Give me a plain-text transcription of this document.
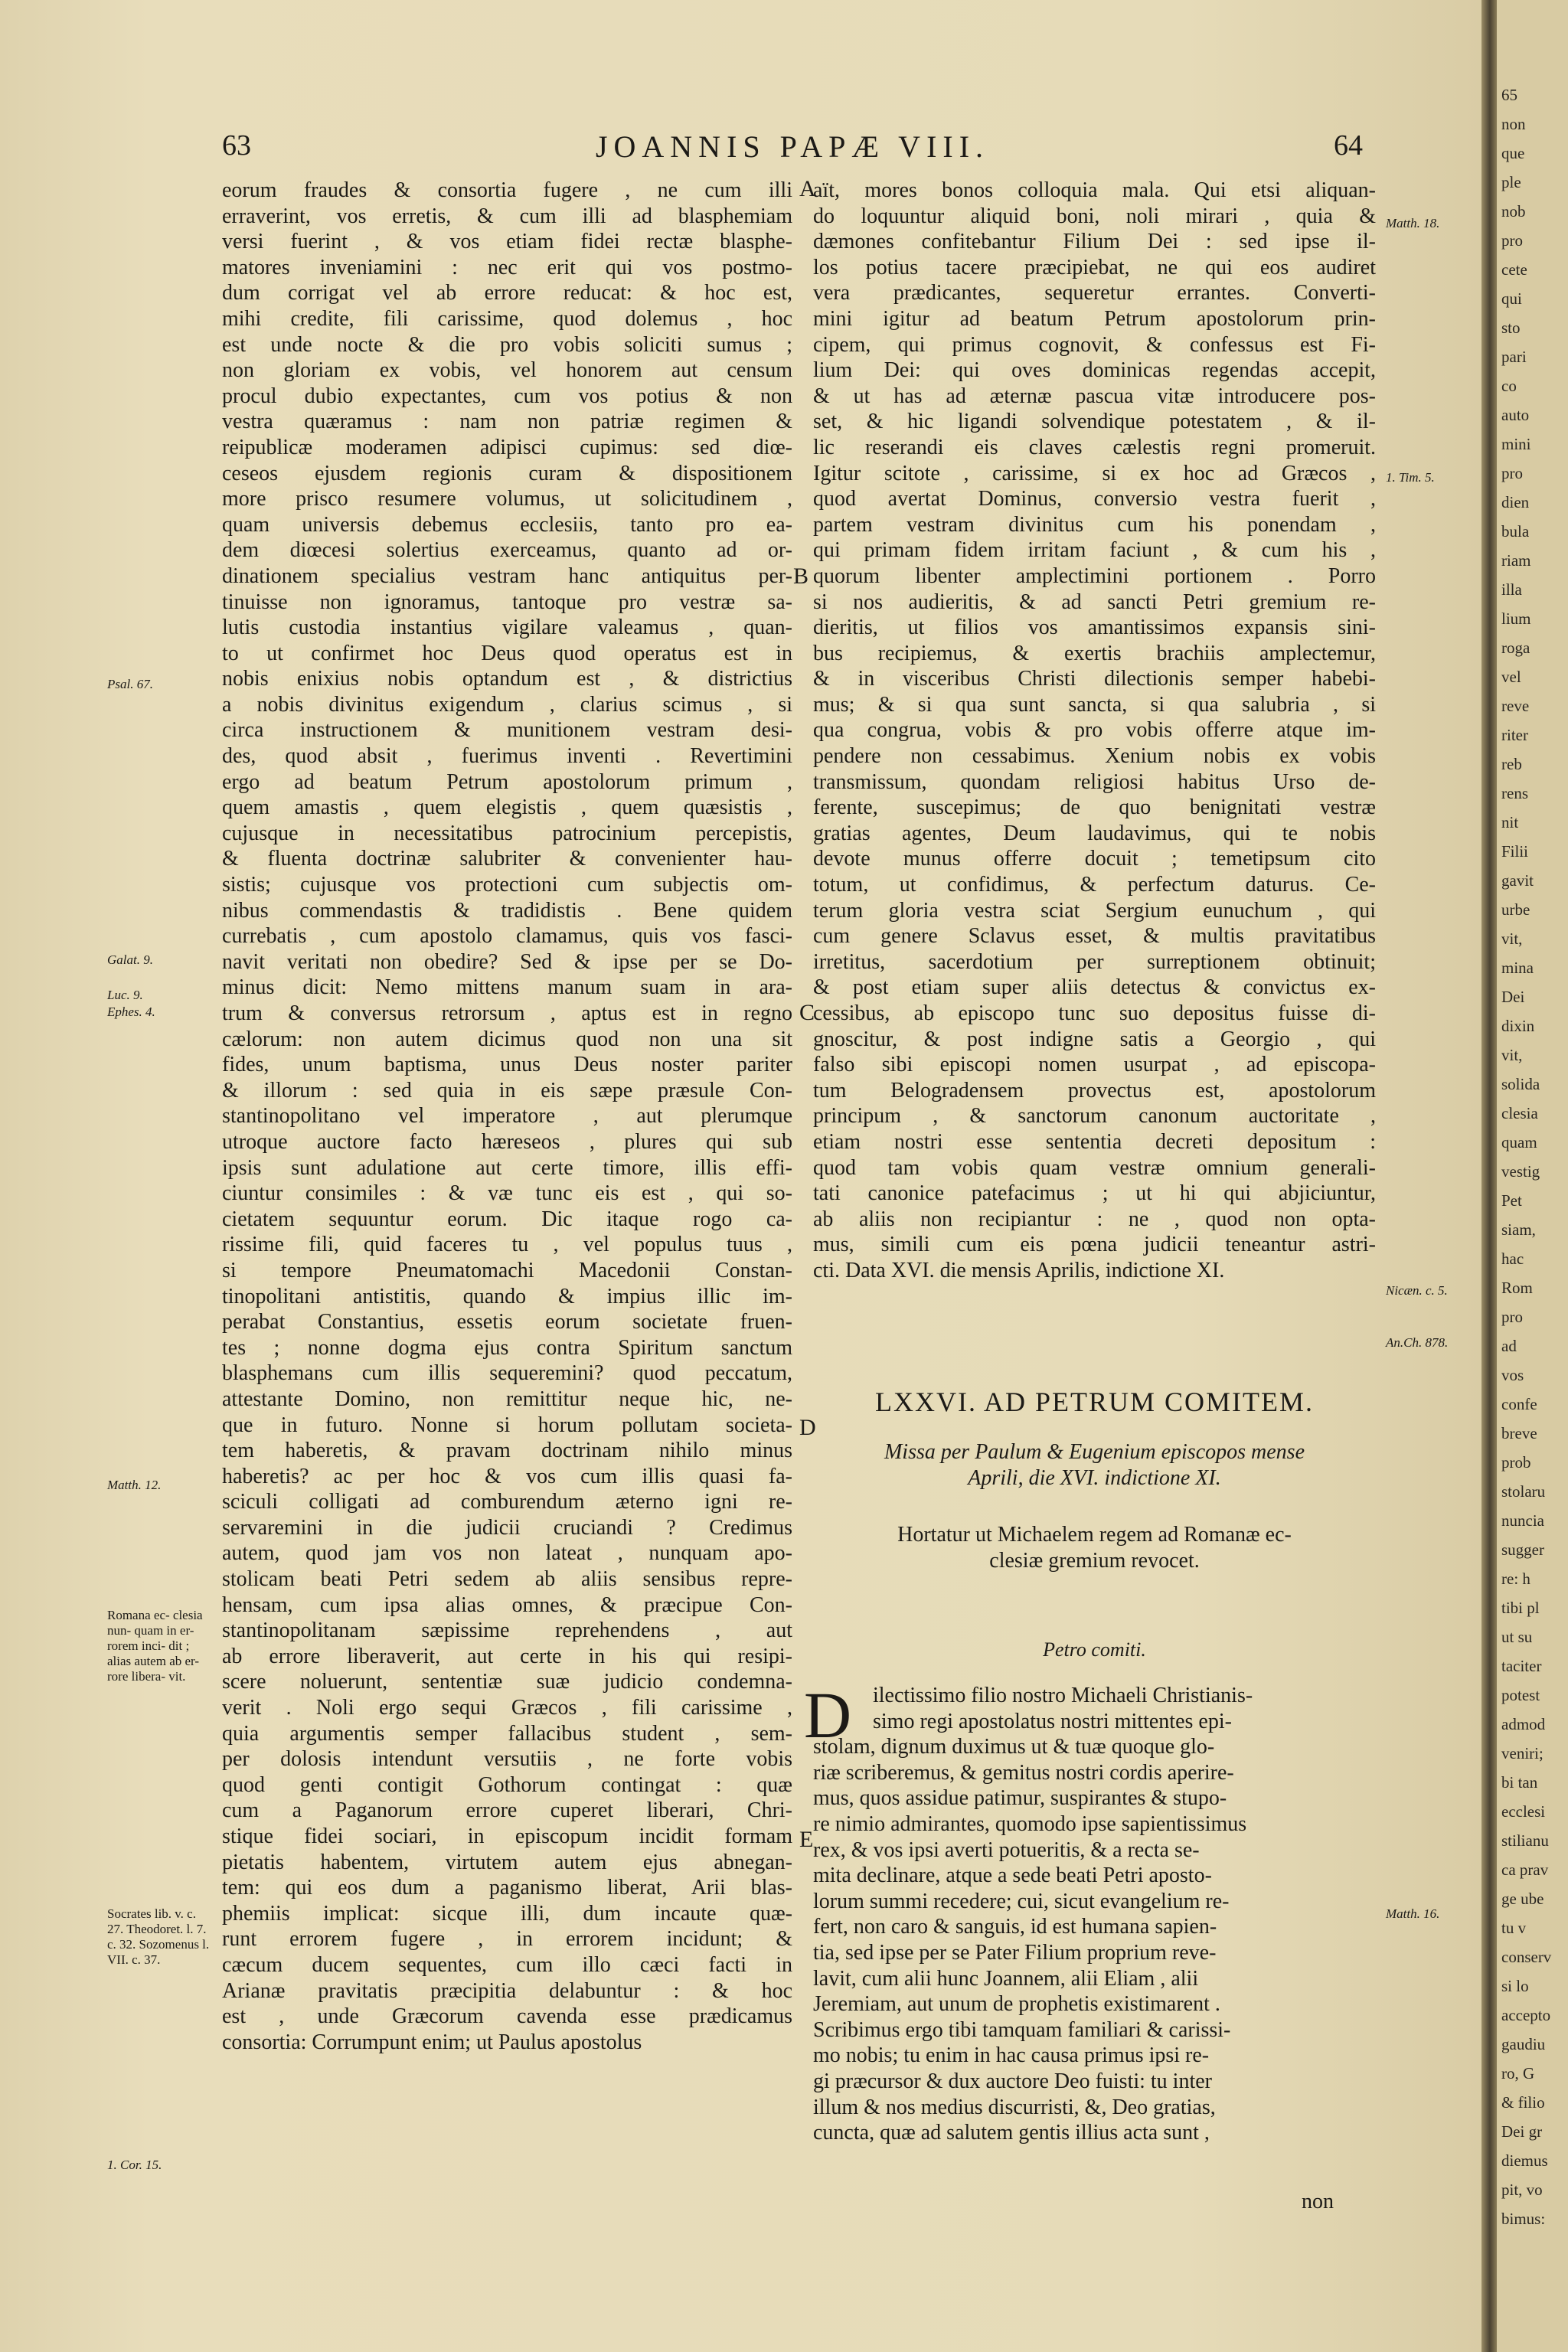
63	JOANNIS PAPÆ VIII.	64
eorum fraudes & consortia fugere , ne cum illi
erraverint, vos erretis, & cum illi ad blasphemiam
versi fuerint , & vos etiam fidei rectæ blasphe-
matores inveniamini : nec erit qui vos postmo-
dum corrigat vel ab errore reducat: & hoc est,
mihi credite, fili carissime, quod dolemus , hoc
est unde nocte & die pro vobis soliciti sumus ;
non gloriam ex vobis, vel honorem aut censum
procul dubio expectantes, cum vos potius & non
vestra quæramus : nam non patriæ regimen &
reipublicæ moderamen adipisci cupimus: sed diœ-
ceseos ejusdem regionis curam & dispositionem
more prisco resumere volumus, ut solicitudinem ,
quam universis debemus ecclesiis, tanto pro ea-
dem diœcesi solertius exerceamus, quanto ad or-
dinationem specialius vestram hanc antiquitus per-
tinuisse non ignoramus, tantoque pro vestræ sa-
lutis custodia instantius vigilare valeamus , quan-
to ut confirmet hoc Deus quod operatus est in
nobis enixius nobis optandum est , & districtius
a nobis divinitus exigendum , clarius scimus , si
circa instructionem & munitionem vestram desi-
des, quod absit , fuerimus inventi . Revertimini
ergo ad beatum Petrum apostolorum primum ,
quem amastis , quem elegistis , quem quæsistis ,
cujusque in necessitatibus patrocinium percepistis,
& fluenta doctrinæ salubriter & convenienter hau-
sistis; cujusque vos protectioni cum subjectis om-
nibus commendastis & tradidistis . Bene quidem
currebatis , cum apostolo clamamus, quis vos fasci-
navit veritati non obedire? Sed & ipse per se Do-
minus dicit: Nemo mittens manum suam in ara-
trum & conversus retrorsum , aptus est in regno
cælorum: non autem dicimus quod non una sit
fides, unum baptisma, unus Deus noster pariter
& illorum : sed quia in eis sæpe præsule Con-
stantinopolitano vel imperatore , aut plerumque
utroque auctore facto hæreseos , plures qui sub
ipsis sunt adulatione aut certe timore, illis effi-
ciuntur consimiles : & væ tunc eis est , qui so-
cietatem sequuntur eorum. Dic itaque rogo ca-
rissime fili, quid faceres tu , vel populus tuus ,
si tempore Pneumatomachi Macedonii Constan-
tinopolitani antistitis, quando & impius illic im-
perabat Constantius, essetis eorum societate fruen-
tes ; nonne dogma ejus contra Spiritum sanctum
blasphemans cum illis sequeremini? quod peccatum,
attestante Domino, non remittitur neque hic, ne-
que in futuro. Nonne si horum pollutam societa-
tem haberetis, & pravam doctrinam nihilo minus
haberetis? ac per hoc & vos cum illis quasi fa-
sciculi colligati ad comburendum æterno igni re-
servaremini in die judicii cruciandi ? Credimus
autem, quod jam vos non lateat , nunquam apo-
stolicam beati Petri sedem ab aliis sensibus repre-
hensam, cum ipsa alias omnes, & præcipue Con-
stantinopolitanam sæpissime reprehendens , aut
ab errore liberaverit, aut certe in his qui resipi-
scere noluerunt, sententiæ suæ judicio condemna-
verit . Noli ergo sequi Græcos , fili carissime ,
quia argumentis semper fallacibus student , sem-
per dolosis intendunt versutiis , ne forte vobis
quod genti contigit Gothorum contingat : quæ
cum a Paganorum errore cuperet liberari, Chri-
stique fidei sociari, in episcopum incidit formam
pietatis habentem, virtutem autem ejus abnegan-
tem: qui eos dum a paganismo liberat, Arii blas-
phemiis implicat: sicque illi, dum incaute quæ-
runt errorem fugere , in errorem incidunt; &
cæcum ducem sequentes, cum illo cæci facti in
Arianæ pravitatis præcipitia delabuntur : & hoc
est , unde Græcorum cavenda esse prædicamus
consortia: Corrumpunt enim; ut Paulus apostolus
aït, mores bonos colloquia mala. Qui etsi aliquan-
do loquuntur aliquid boni, noli mirari , quia &
dæmones confitebantur Filium Dei : sed ipse il-
los potius tacere præcipiebat, ne qui eos audiret
vera prædicantes, sequeretur errantes. Converti-
mini igitur ad beatum Petrum apostolorum prin-
cipem, qui primus cognovit, & confessus est Fi-
lium Dei: qui oves dominicas regendas accepit,
& ut has ad æternæ pascua vitæ introducere pos-
set, & hic ligandi solvendique potestatem , & il-
lic reserandi eis claves cælestis regni promeruit.
Igitur scitote , carissime, si ex hoc ad Græcos ,
quod avertat Dominus, conversio vestra fuerit ,
partem vestram divinitus cum his ponendam ,
qui primam fidem irritam faciunt , & cum his ,
quorum libenter amplectimini portionem . Porro
si nos audieritis, & ad sancti Petri gremium re-
dieritis, ut filios vos amantissimos expansis sini-
bus recipiemus, & exertis brachiis amplectemur,
& in visceribus Christi dilectionis semper habebi-
mus; & si qua sunt sancta, si qua salubria , si
qua congrua, vobis & pro vobis offerre atque im-
pendere non cessabimus. Xenium nobis ex vobis
transmissum, quondam religiosi habitus Urso de-
ferente, suscepimus; de quo benignitati vestræ
gratias agentes, Deum laudavimus, qui te nobis
devote munus offerre docuit ; temetipsum cito
totum, ut confidimus, & perfectum daturus. Ce-
terum gloria vestra sciat Sergium eunuchum , qui
cum genere Sclavus esset, & multis pravitatibus
irretitus, sacerdotium per surreptionem obtinuit;
& post etiam super aliis detectus & convictus ex-
cessibus, ab episcopo tunc suo depositus fuisse di-
gnoscitur, & post indigne satis a Georgio , qui
falso sibi episcopi nomen usurpat , ad episcopa-
tum Belogradensem provectus est, apostolorum
principum , & sanctorum canonum auctoritate ,
etiam nostri esse sententia decreti depositum :
quod tam vobis quam vestræ omnium generali-
tati canonice patefacimus ; ut hi qui abjiciuntur,
ab aliis non recipiantur : ne , quod non opta-
mus, simili cum eis pœna judicii teneantur astri-
cti. Data XVI. die mensis Aprilis, indictione XI.
A
B
C
D
E
LXXVI. AD PETRUM COMITEM.
Missa per Paulum & Eugenium episcopos mense
Aprili, die XVI. indictione XI.
Hortatur ut Michaelem regem ad Romanæ ec-
clesiæ gremium revocet.
Petro comiti.
D ilectissimo filio nostro Michaeli Christianis-
simo regi apostolatus nostri mittentes epi-
stolam, dignum duximus ut & tuæ quoque glo-
riæ scriberemus, & gemitus nostri cordis aperire-
mus, quos assidue patimur, suspirantes & stupo-
re nimio admirantes, quomodo ipse sapientissimus
rex, & vos ipsi averti potueritis, & a recta se-
mita declinare, atque a sede beati Petri aposto-
lorum summi recedere; cui, sicut evangelium re-
fert, non caro & sanguis, id est humana sapien-
tia, sed ipse per se Pater Filium proprium reve-
lavit, cum alii hunc Joannem, alii Eliam , alii
Jeremiam, aut unum de prophetis existimarent .
Scribimus ergo tibi tamquam familiari & carissi-
mo nobis; tu enim in hac causa primus ipsi re-
gi præcursor & dux auctore Deo fuisti: tu inter
illum & nos medius discurristi, &, Deo gratias,
cuncta, quæ ad salutem gentis illius acta sunt ,
non
Psal. 67.
Galat. 9.
Luc. 9.
Ephes. 4.
Matth. 12.
Romana ec- clesia nun- quam in er- rorem inci- dit ; alias autem ab er- rore libera- vit.
Socrates lib. v. c. 27. Theodoret. l. 7. c. 32. Sozomenus l. VII. c. 37.
1. Cor. 15.
Matth. 18.
1. Tim. 5.
Nicæn. c. 5.
An.Ch. 878.
Matth. 16.
65
non
que
ple
nob
pro
cete
qui
sto
pari
co
auto
mini
pro
dien
bula
riam
illa
lium
roga
vel
reve
riter
reb
rens
nit
Filii
gavit
urbe
vit,
mina
Dei
dixin
vit,
solida
clesia
quam
vestig
Pet
siam,
hac
Rom
pro
ad
vos
confe
breve
prob
stolaru
nuncia
sugger
re: h
tibi pl
ut su
taciter
potest
admod
veniri;
bi tan
ecclesi
stilianu
ca prav
ge ube
tu v
conserv
si lo
accepto
gaudiu
ro, G
& filio
Dei gr
diemus
pit, vo
bimus:
